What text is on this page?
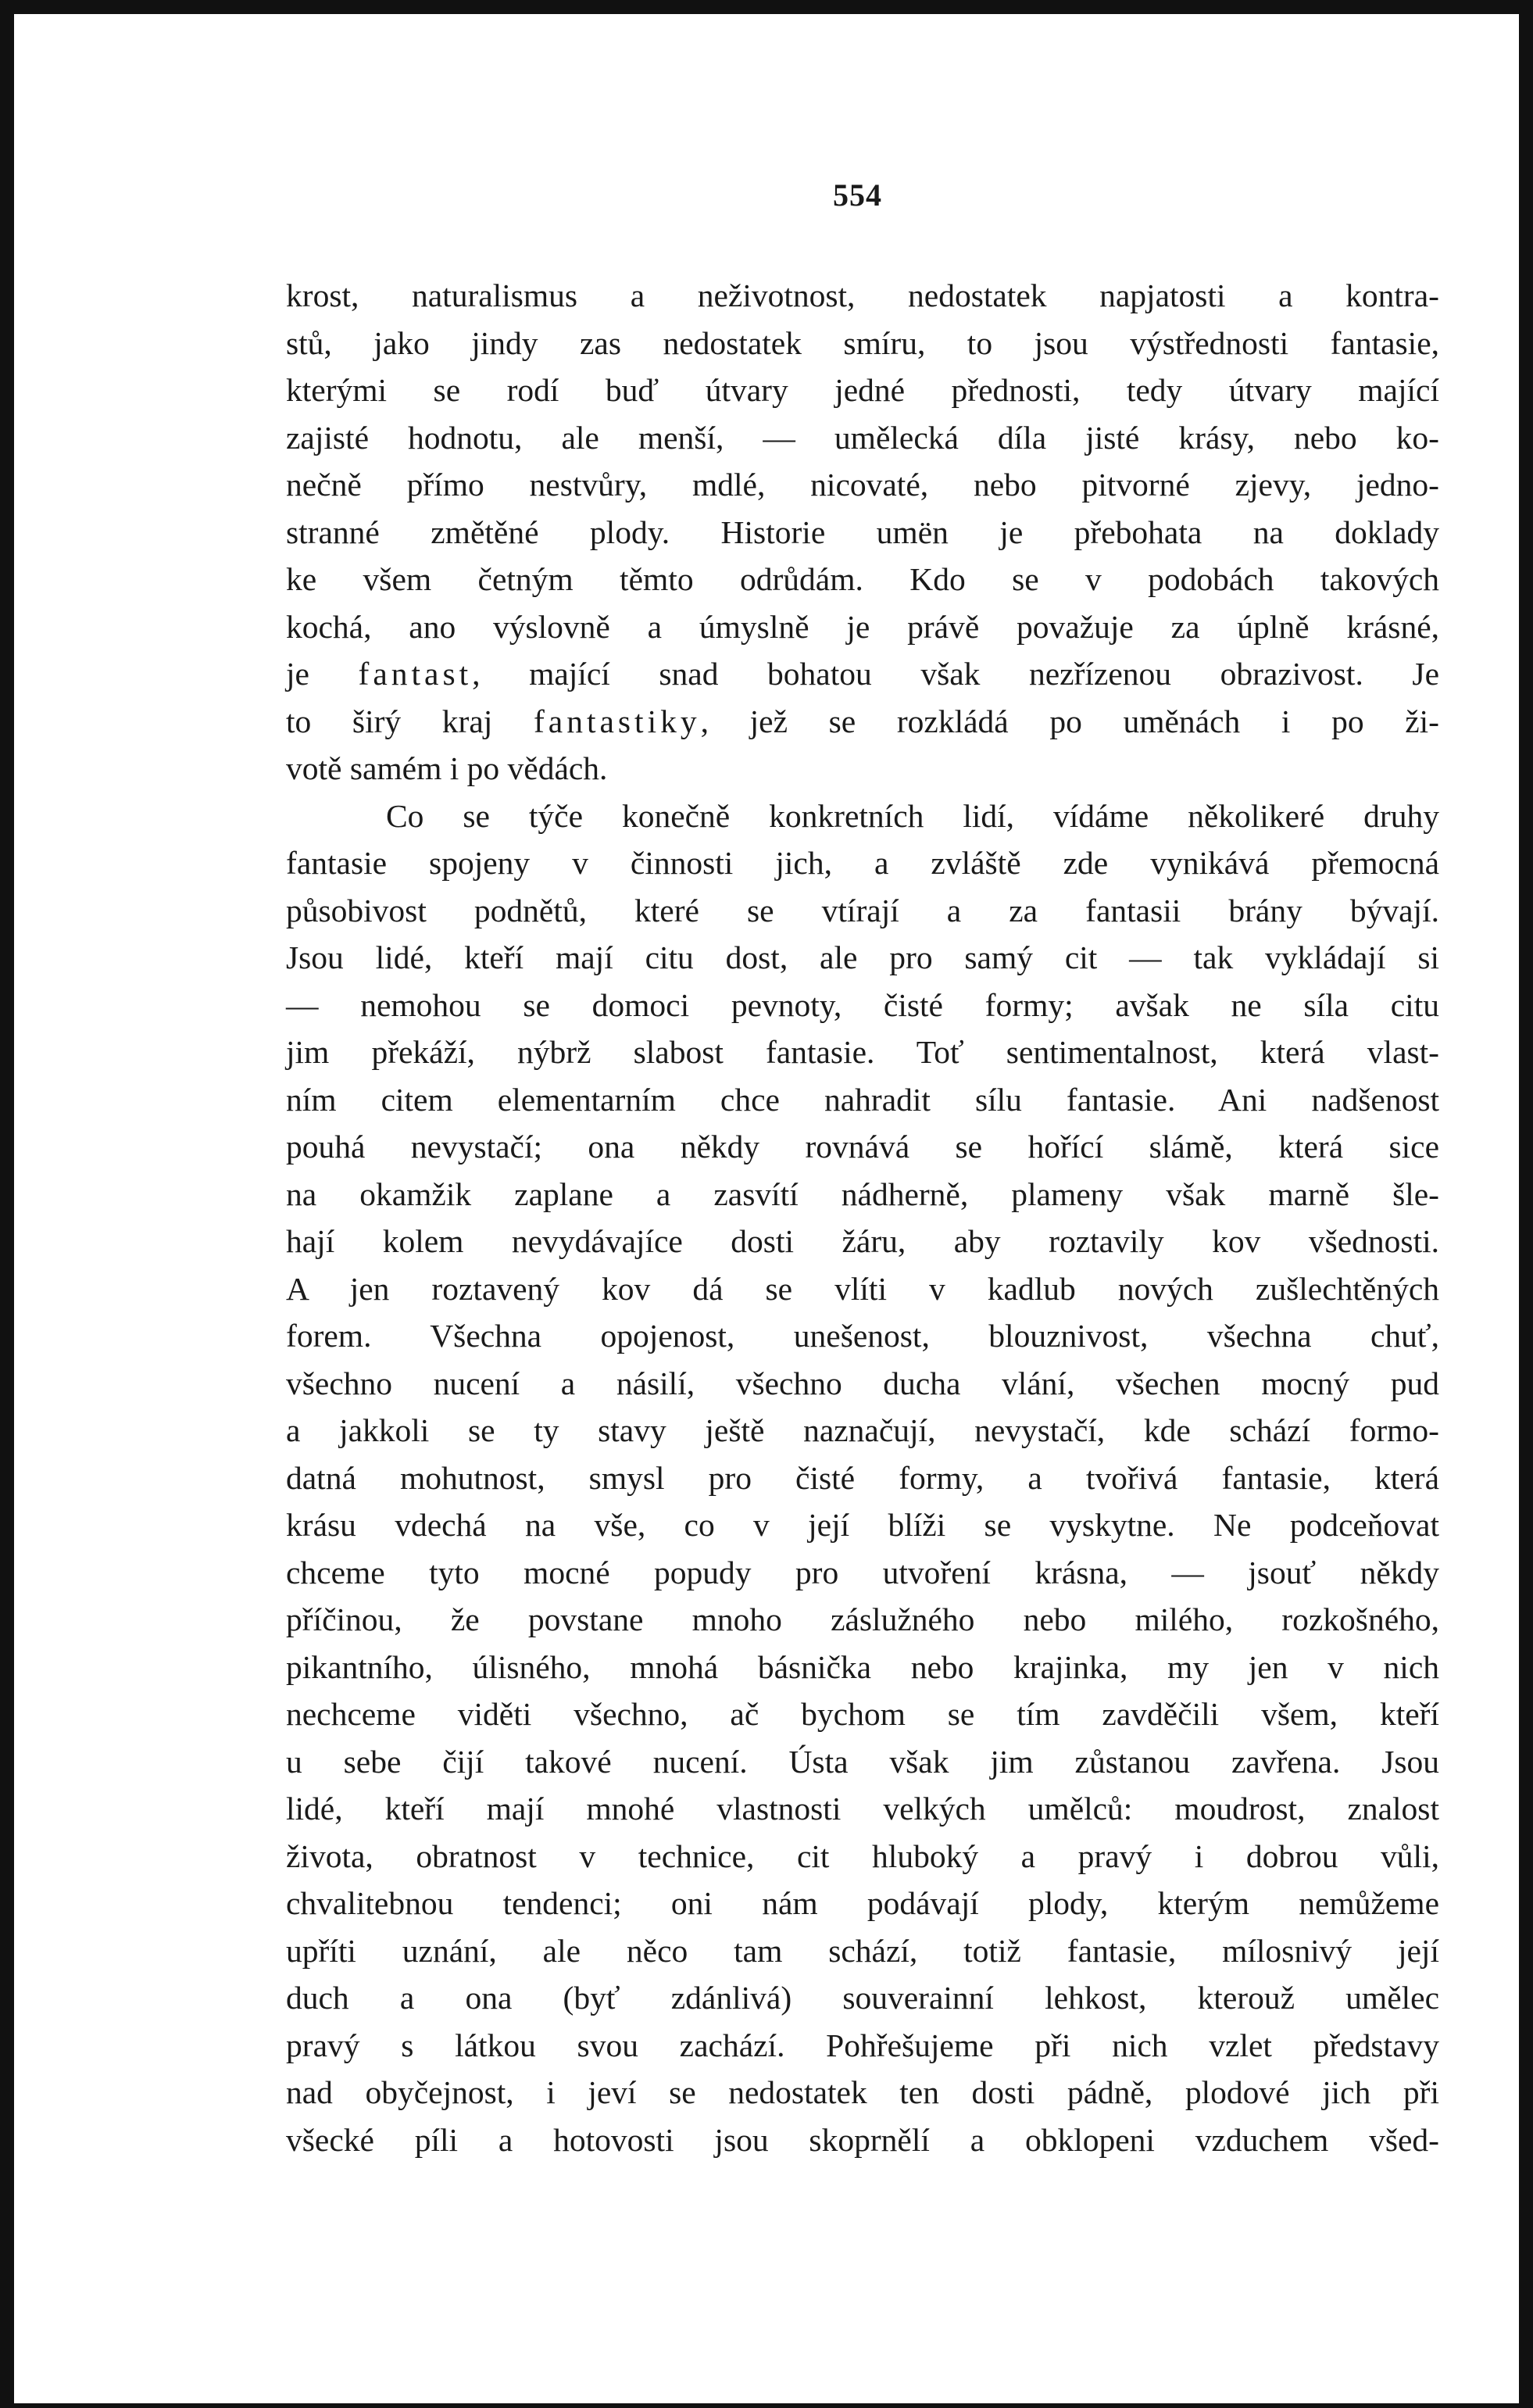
554
krost, naturalismus a neživotnost, nedostatek napjatosti a kontra-
stů, jako jindy zas nedostatek smíru, to jsou výstřednosti fantasie,
kterými se rodí buď útvary jedné přednosti, tedy útvary mající
zajisté hodnotu, ale menší, — umělecká díla jisté krásy, nebo ko-
nečně přímo nestvůry, mdlé, nicovaté, nebo pitvorné zjevy, jedno-
stranné změtěné plody. Historie umën je přebohata na doklady
ke všem četným těmto odrůdám. Kdo se v podobách takových
kochá, ano výslovně a úmyslně je právě považuje za úplně krásné,
je fantast, mající snad bohatou však nezřízenou obrazivost. Je
to širý kraj fantastiky, jež se rozkládá po uměnách i po ži-
votě samém i po vědách.
Co se týče konečně konkretních lidí, vídáme několikeré druhy
fantasie spojeny v činnosti jich, a zvláště zde vynikává přemocná
působivost podnětů, které se vtírají a za fantasii brány bývají.
Jsou lidé, kteří mají citu dost, ale pro samý cit — tak vykládají si
— nemohou se domoci pevnoty, čisté formy; avšak ne síla citu
jim překáží, nýbrž slabost fantasie. Toť sentimentalnost, která vlast-
ním citem elementarním chce nahradit sílu fantasie. Ani nadšenost
pouhá nevystačí; ona někdy rovnává se hořící slámě, která sice
na okamžik zaplane a zasvítí nádherně, plameny však marně šle-
hají kolem nevydávajíce dosti žáru, aby roztavily kov všednosti.
A jen roztavený kov dá se vlíti v kadlub nových zušlechtěných
forem. Všechna opojenost, unešenost, blouznivost, všechna chuť,
všechno nucení a násilí, všechno ducha vlání, všechen mocný pud
a jakkoli se ty stavy ještě naznačují, nevystačí, kde schází formo-
datná mohutnost, smysl pro čisté formy, a tvořivá fantasie, která
krásu vdechá na vše, co v její blíži se vyskytne. Ne podceňovat
chceme tyto mocné popudy pro utvoření krásna, — jsouť někdy
příčinou, že povstane mnoho záslužného nebo milého, rozkošného,
pikantního, úlisného, mnohá básnička nebo krajinka, my jen v nich
nechceme viděti všechno, ač bychom se tím zavděčili všem, kteří
u sebe čijí takové nucení. Ústa však jim zůstanou zavřena. Jsou
lidé, kteří mají mnohé vlastnosti velkých umělců: moudrost, znalost
života, obratnost v technice, cit hluboký a pravý i dobrou vůli,
chvalitebnou tendenci; oni nám podávají plody, kterým nemůžeme
upříti uznání, ale něco tam schází, totiž fantasie, mílosnivý její
duch a ona (byť zdánlivá) souverainní lehkost, kterouž umělec
pravý s látkou svou zachází. Pohřešujeme při nich vzlet představy
nad obyčejnost, i jeví se nedostatek ten dosti pádně, plodové jich při
všecké píli a hotovosti jsou skoprnělí a obklopeni vzduchem všed-
